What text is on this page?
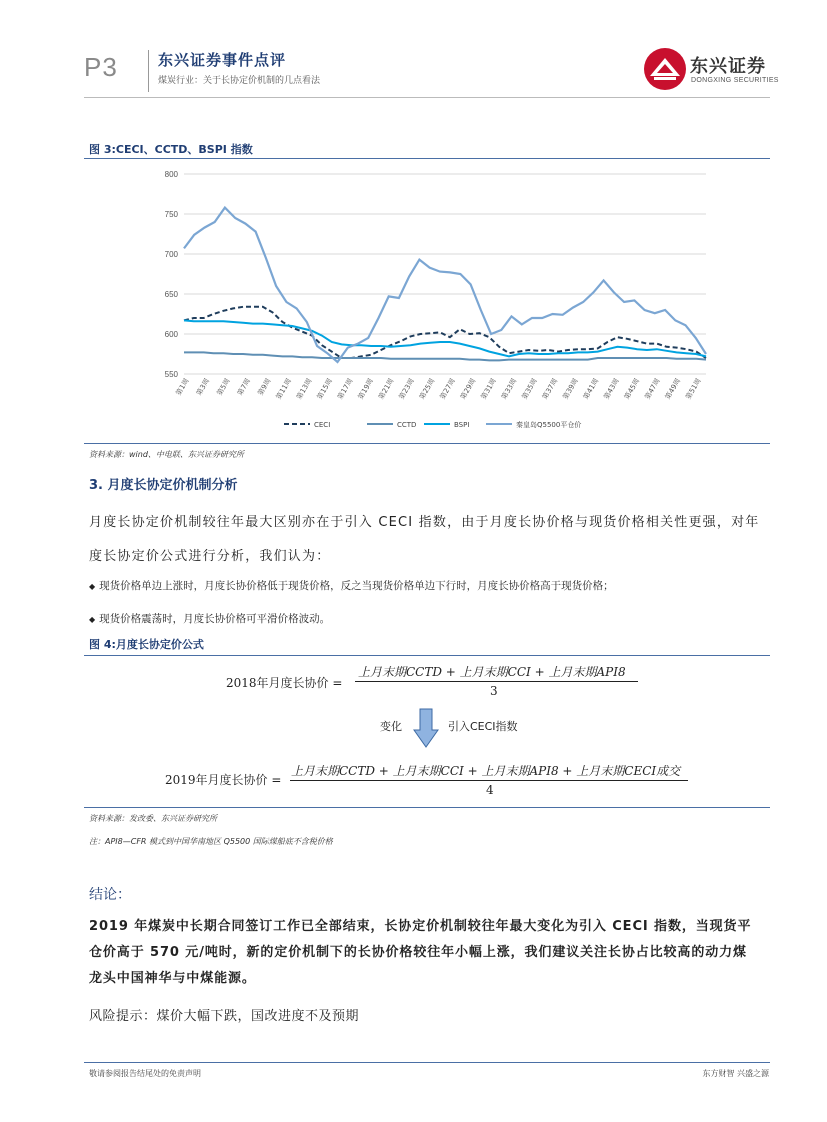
P3	东兴证券事件点评
煤炭行业：关于长协定价机制的几点看法
东兴证券
DONGXING SECURITIES
图 3:CECI、CCTD、BSPI 指数
550
600
650
700
750
800
第1周 第3周 第5周 第7周 第9周 第11周 第13周 第15周 第17周 第19周 第21周 第23周 第25周 第27周 第29周 第31周 第33周 第35周 第37周 第39周 第41周 第43周 第45周 第47周 第49周 第51周
CECI	CCTD	BSPI	秦皇岛Q5500平仓价
资料来源：wind、中电联、东兴证券研究所
3. 月度长协定价机制分析
月度长协定价机制较往年最大区别亦在于引入 CECI 指数，由于月度长协价格与现货价格相关性更强，对年
度长协定价公式进行分析，我们认为：
◆ 现货价格单边上涨时，月度长协价格低于现货价格，反之当现货价格单边下行时，月度长协价格高于现货价格；
◆ 现货价格震荡时，月度长协价格可平滑价格波动。
图 4:月度长协定价公式
2018年月度长协价 =
上月末期CCTD + 上月末期CCI + 上月末期API8
3
变化	引入CECI指数
2019年月度长协价 =
上月末期CCTD + 上月末期CCI + 上月末期API8 + 上月末期CECI成交
4
资料来源：发改委、东兴证券研究所
注：API8—CFR 模式到中国华南地区 Q5500 国际煤船底不含税价格
结论：
2019 年煤炭中长期合同签订工作已全部结束，长协定价机制较往年最大变化为引入 CECI 指数，当现货平
仓价高于 570 元/吨时，新的定价机制下的长协价格较往年小幅上涨，我们建议关注长协占比较高的动力煤
龙头中国神华与中煤能源。
风险提示：煤价大幅下跌，国改进度不及预期
敬请参阅报告结尾处的免责声明	东方财智 兴盛之源
